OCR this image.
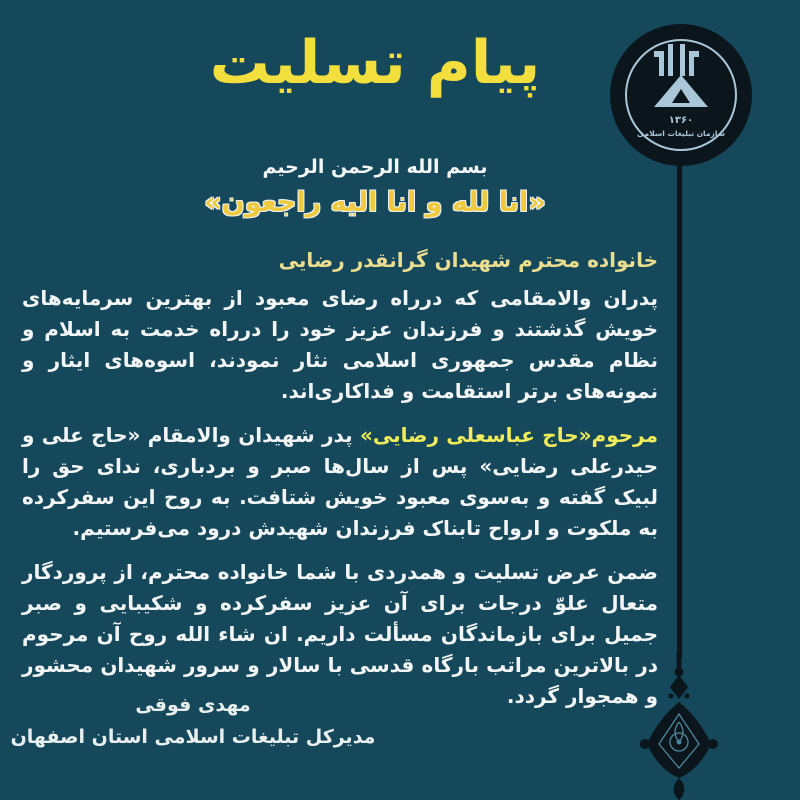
پیام تسلیت
۱۳۶۰
سازمان تبلیغات اسلامی
بسم الله الرحمن الرحیم
«انا لله و انا الیه راجعون»
خانواده محترم شهیدان گرانقدر رضایی

پدران والامقامی که درراه رضای معبود از بهترین سرمایه‌های خویش گذشتند و فرزندان عزیز خود را درراه خدمت به اسلام و نظام مقدس جمهوری اسلامی نثار نمودند، اسوه‌های ایثار و نمونه‌های برتر استقامت و فداکاری‌اند.

مرحوم«حاج عباسعلی رضایی» پدر شهیدان والامقام «حاج علی و حیدرعلی رضایی» پس از سال‌ها صبر و بردباری، ندای حق را لبیک گفته و به‌سوی معبود خویش شتافت. به روح این سفرکرده به ملکوت و ارواح تابناک فرزندان شهیدش درود می‌فرستیم.

ضمن عرض تسلیت و همدردی با شما خانواده محترم، از پروردگار متعال علوّ درجات برای آن عزیز سفرکرده و شکیبایی و صبر جمیل برای بازماندگان مسألت داریم. ان شاء الله روح آن مرحوم در بالاترین مراتب بارگاه قدسی با سالار و سرور شهیدان محشور و همجوار گردد.

مهدی فوقی
مدیرکل تبلیغات اسلامی استان اصفهان
